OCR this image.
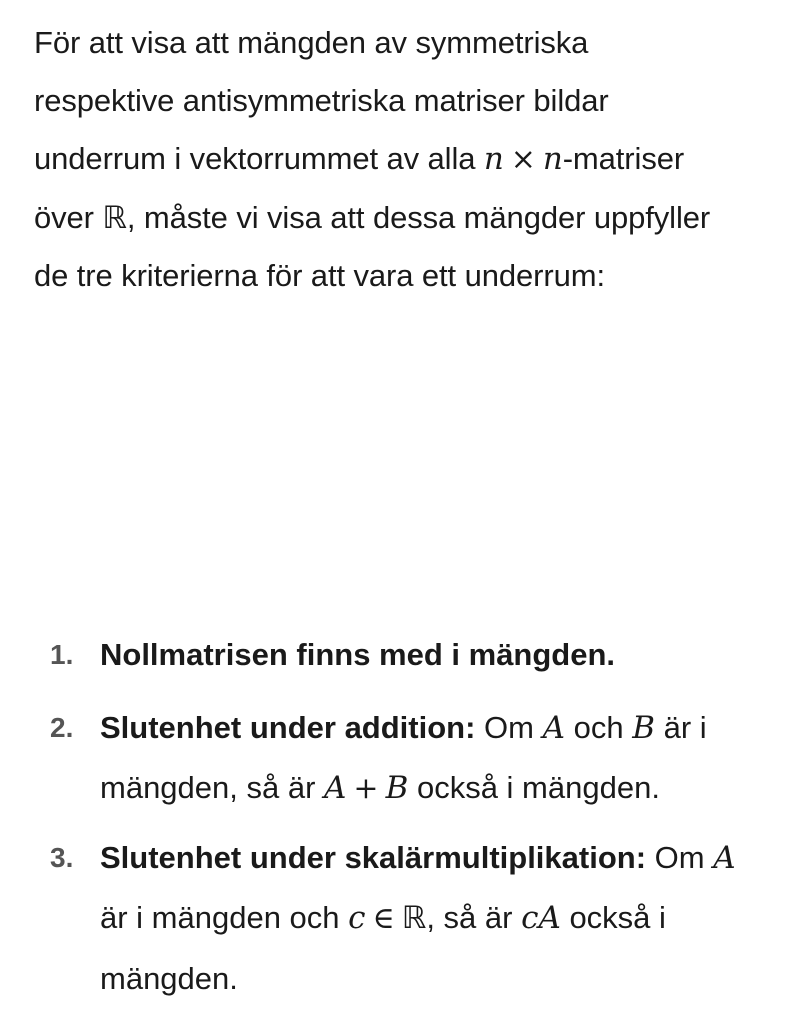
För att visa att mängden av symmetriska
respektive antisymmetriska matriser bildar
underrum i vektorrummet av alla n × n-matriser
över ℝ, måste vi visa att dessa mängder uppfyller
de tre kriterierna för att vara ett underrum:

1. Nollmatrisen finns med i mängden.
2. Slutenhet under addition: Om A och B är i
mängden, så är A + B också i mängden.
3. Slutenhet under skalärmultiplikation: Om A
är i mängden och c ∈ ℝ, så är cA också i
mängden.
